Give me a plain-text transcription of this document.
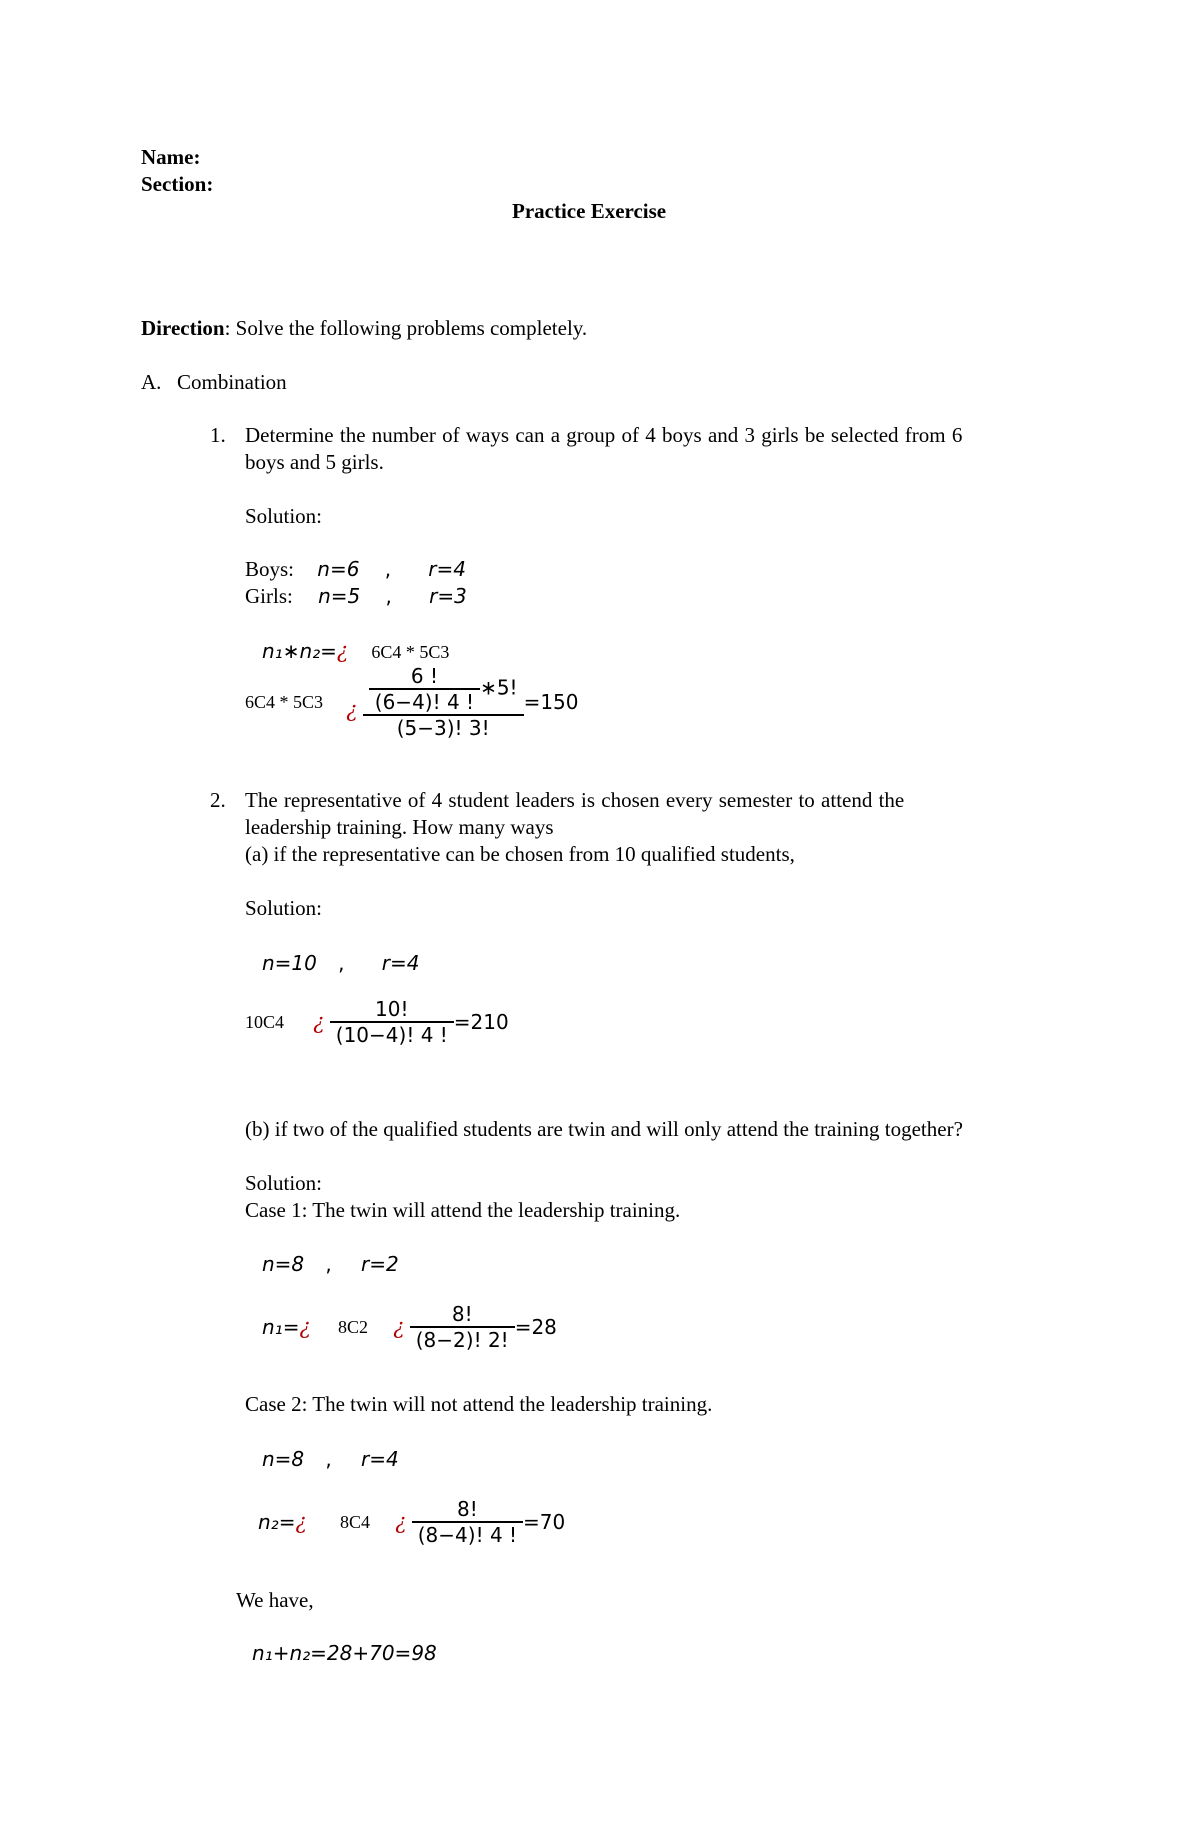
Name:
Section:
Practice Exercise
Direction: Solve the following problems completely.
A. Combination
1. Determine the number of ways can a group of 4 boys and 3 girls be selected from 6
boys and 5 girls.
Solution:
Boys: n=6 , r=4
Girls: n=5 , r=3
n₁∗n₂=¿ 6C4 * 5C3
6C4 * 5C3 ¿ $\frac{\frac{6 !}{(6-4)! 4 !} ∗5!}{(5-3)! 3!} =150$
2. The representative of 4 student leaders is chosen every semester to attend the
leadership training. How many ways
(a) if the representative can be chosen from 10 qualified students,
Solution:
n=10 , r=4
10C4 ¿ $\frac{10!}{(10-4)! 4 !} =210$
(b) if two of the qualified students are twin and will only attend the training together?
Solution:
Case 1: The twin will attend the leadership training.
n=8 , r=2
n₁=¿ 8C2 ¿ $\frac{8!}{(8-2)! 2!} =28$
Case 2: The twin will not attend the leadership training.
n=8 , r=4
n₂=¿ 8C4 ¿ $\frac{8!}{(8-4)! 4 !} =70$
We have,
n₁+n₂=28+70=98
